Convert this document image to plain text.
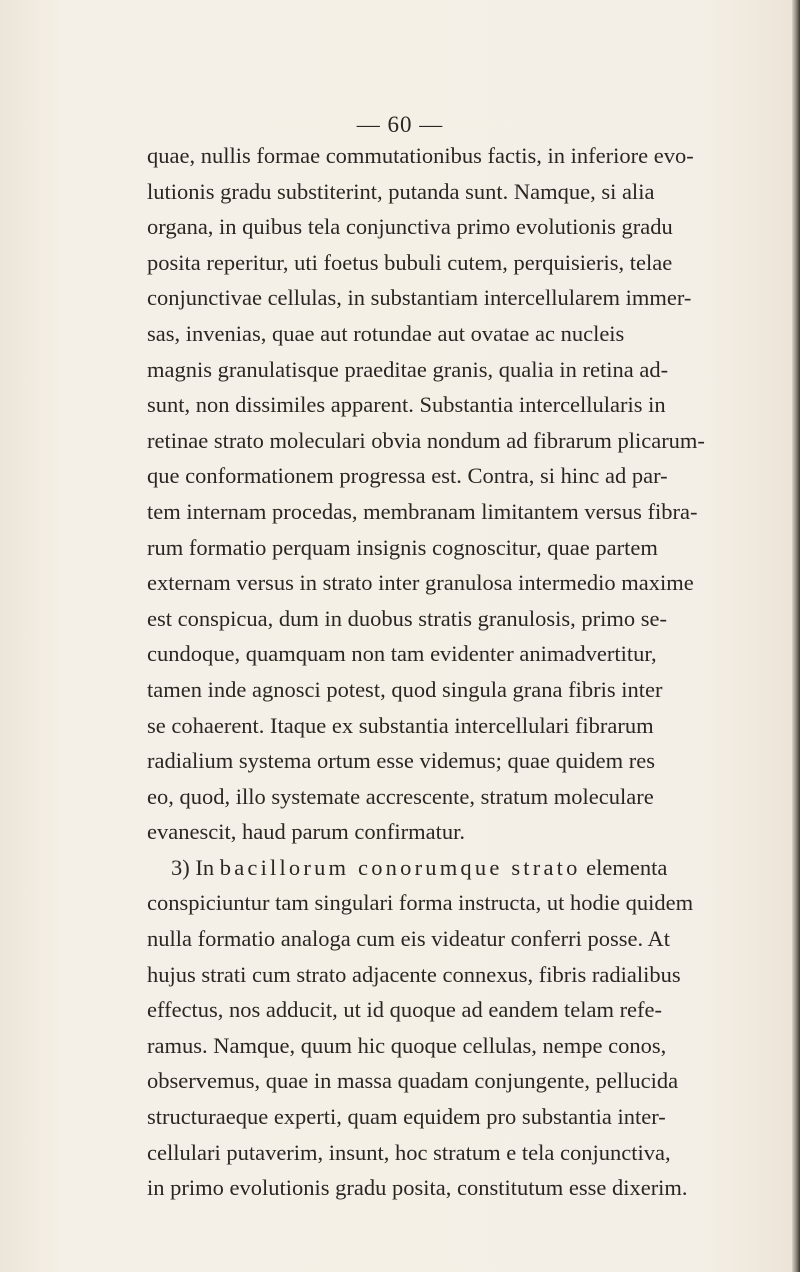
— 60 —
quae, nullis formae commutationibus factis, in inferiore evo-
lutionis gradu substiterint, putanda sunt. Namque, si alia
organa, in quibus tela conjunctiva primo evolutionis gradu
posita reperitur, uti foetus bubuli cutem, perquisieris, telae
conjunctivae cellulas, in substantiam intercellularem immer-
sas, invenias, quae aut rotundae aut ovatae ac nucleis
magnis granulatisque praeditae granis, qualia in retina ad-
sunt, non dissimiles apparent. Substantia intercellularis in
retinae strato moleculari obvia nondum ad fibrarum plicarum-
que conformationem progressa est. Contra, si hinc ad par-
tem internam procedas, membranam limitantem versus fibra-
rum formatio perquam insignis cognoscitur, quae partem
externam versus in strato inter granulosa intermedio maxime
est conspicua, dum in duobus stratis granulosis, primo se-
cundoque, quamquam non tam evidenter animadvertitur,
tamen inde agnosci potest, quod singula grana fibris inter
se cohaerent. Itaque ex substantia intercellulari fibrarum
radialium systema ortum esse videmus; quae quidem res
eo, quod, illo systemate accrescente, stratum moleculare
evanescit, haud parum confirmatur.
3) In bacillorum conorumque strato elementa
conspiciuntur tam singulari forma instructa, ut hodie quidem
nulla formatio analoga cum eis videatur conferri posse. At
hujus strati cum strato adjacente connexus, fibris radialibus
effectus, nos adducit, ut id quoque ad eandem telam refe-
ramus. Namque, quum hic quoque cellulas, nempe conos,
observemus, quae in massa quadam conjungente, pellucida
structuraeque experti, quam equidem pro substantia inter-
cellulari putaverim, insunt, hoc stratum e tela conjunctiva,
in primo evolutionis gradu posita, constitutum esse dixerim.
